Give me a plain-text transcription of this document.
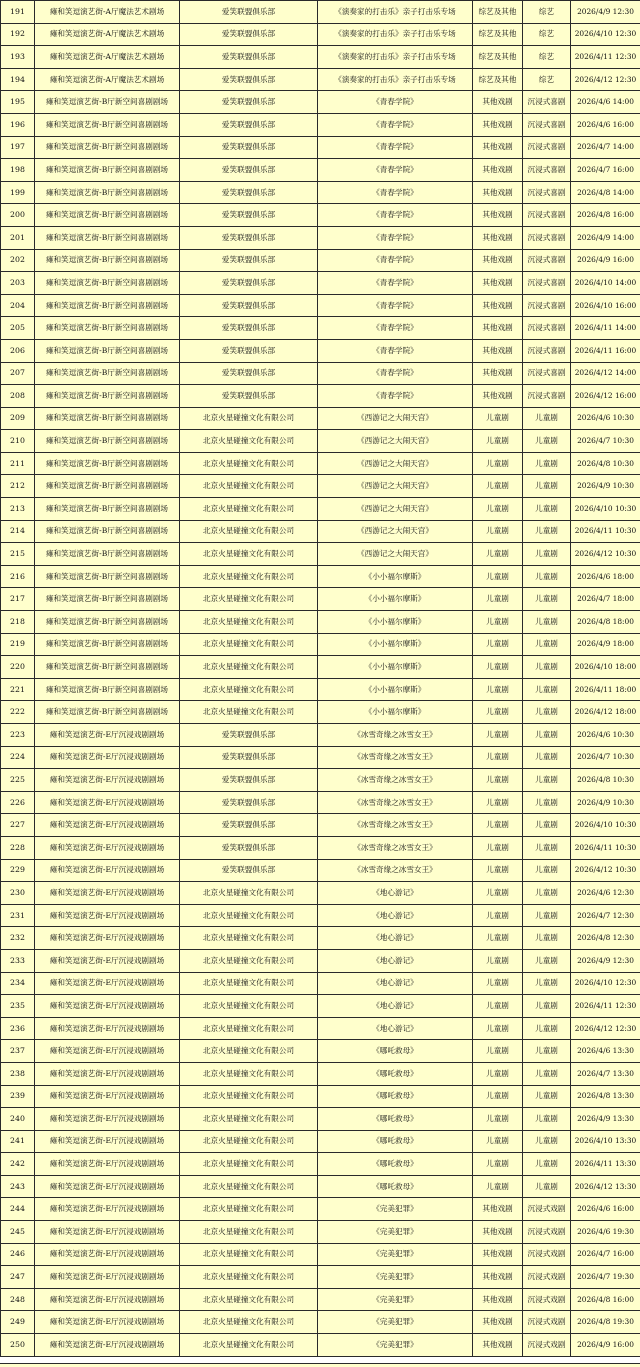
191	瘫和笑逗演艺街-A厅魔法艺术剧场	爱笑联盟俱乐部	《演奏家的打击乐》亲子打击乐专场	综艺及其他	综艺	2026/4/9 12:30
192	瘫和笑逗演艺街-A厅魔法艺术剧场	爱笑联盟俱乐部	《演奏家的打击乐》亲子打击乐专场	综艺及其他	综艺	2026/4/10 12:30
193	瘫和笑逗演艺街-A厅魔法艺术剧场	爱笑联盟俱乐部	《演奏家的打击乐》亲子打击乐专场	综艺及其他	综艺	2026/4/11 12:30
194	瘫和笑逗演艺街-A厅魔法艺术剧场	爱笑联盟俱乐部	《演奏家的打击乐》亲子打击乐专场	综艺及其他	综艺	2026/4/12 12:30
195	瘫和笑逗演艺街-B厅新空间喜剧剧场	爱笑联盟俱乐部	《青春学院》	其他戏剧	沉浸式喜剧	2026/4/6 14:00
196	瘫和笑逗演艺街-B厅新空间喜剧剧场	爱笑联盟俱乐部	《青春学院》	其他戏剧	沉浸式喜剧	2026/4/6 16:00
197	瘫和笑逗演艺街-B厅新空间喜剧剧场	爱笑联盟俱乐部	《青春学院》	其他戏剧	沉浸式喜剧	2026/4/7 14:00
198	瘫和笑逗演艺街-B厅新空间喜剧剧场	爱笑联盟俱乐部	《青春学院》	其他戏剧	沉浸式喜剧	2026/4/7 16:00
199	瘫和笑逗演艺街-B厅新空间喜剧剧场	爱笑联盟俱乐部	《青春学院》	其他戏剧	沉浸式喜剧	2026/4/8 14:00
200	瘫和笑逗演艺街-B厅新空间喜剧剧场	爱笑联盟俱乐部	《青春学院》	其他戏剧	沉浸式喜剧	2026/4/8 16:00
201	瘫和笑逗演艺街-B厅新空间喜剧剧场	爱笑联盟俱乐部	《青春学院》	其他戏剧	沉浸式喜剧	2026/4/9 14:00
202	瘫和笑逗演艺街-B厅新空间喜剧剧场	爱笑联盟俱乐部	《青春学院》	其他戏剧	沉浸式喜剧	2026/4/9 16:00
203	瘫和笑逗演艺街-B厅新空间喜剧剧场	爱笑联盟俱乐部	《青春学院》	其他戏剧	沉浸式喜剧	2026/4/10 14:00
204	瘫和笑逗演艺街-B厅新空间喜剧剧场	爱笑联盟俱乐部	《青春学院》	其他戏剧	沉浸式喜剧	2026/4/10 16:00
205	瘫和笑逗演艺街-B厅新空间喜剧剧场	爱笑联盟俱乐部	《青春学院》	其他戏剧	沉浸式喜剧	2026/4/11 14:00
206	瘫和笑逗演艺街-B厅新空间喜剧剧场	爱笑联盟俱乐部	《青春学院》	其他戏剧	沉浸式喜剧	2026/4/11 16:00
207	瘫和笑逗演艺街-B厅新空间喜剧剧场	爱笑联盟俱乐部	《青春学院》	其他戏剧	沉浸式喜剧	2026/4/12 14:00
208	瘫和笑逗演艺街-B厅新空间喜剧剧场	爱笑联盟俱乐部	《青春学院》	其他戏剧	沉浸式喜剧	2026/4/12 16:00
209	瘫和笑逗演艺街-B厅新空间喜剧剧场	北京火星碰撞文化有限公司	《西游记之大闹天宫》	儿童剧	儿童剧	2026/4/6 10:30
210	瘫和笑逗演艺街-B厅新空间喜剧剧场	北京火星碰撞文化有限公司	《西游记之大闹天宫》	儿童剧	儿童剧	2026/4/7 10:30
211	瘫和笑逗演艺街-B厅新空间喜剧剧场	北京火星碰撞文化有限公司	《西游记之大闹天宫》	儿童剧	儿童剧	2026/4/8 10:30
212	瘫和笑逗演艺街-B厅新空间喜剧剧场	北京火星碰撞文化有限公司	《西游记之大闹天宫》	儿童剧	儿童剧	2026/4/9 10:30
213	瘫和笑逗演艺街-B厅新空间喜剧剧场	北京火星碰撞文化有限公司	《西游记之大闹天宫》	儿童剧	儿童剧	2026/4/10 10:30
214	瘫和笑逗演艺街-B厅新空间喜剧剧场	北京火星碰撞文化有限公司	《西游记之大闹天宫》	儿童剧	儿童剧	2026/4/11 10:30
215	瘫和笑逗演艺街-B厅新空间喜剧剧场	北京火星碰撞文化有限公司	《西游记之大闹天宫》	儿童剧	儿童剧	2026/4/12 10:30
216	瘫和笑逗演艺街-B厅新空间喜剧剧场	北京火星碰撞文化有限公司	《小小福尔摩斯》	儿童剧	儿童剧	2026/4/6 18:00
217	瘫和笑逗演艺街-B厅新空间喜剧剧场	北京火星碰撞文化有限公司	《小小福尔摩斯》	儿童剧	儿童剧	2026/4/7 18:00
218	瘫和笑逗演艺街-B厅新空间喜剧剧场	北京火星碰撞文化有限公司	《小小福尔摩斯》	儿童剧	儿童剧	2026/4/8 18:00
219	瘫和笑逗演艺街-B厅新空间喜剧剧场	北京火星碰撞文化有限公司	《小小福尔摩斯》	儿童剧	儿童剧	2026/4/9 18:00
220	瘫和笑逗演艺街-B厅新空间喜剧剧场	北京火星碰撞文化有限公司	《小小福尔摩斯》	儿童剧	儿童剧	2026/4/10 18:00
221	瘫和笑逗演艺街-B厅新空间喜剧剧场	北京火星碰撞文化有限公司	《小小福尔摩斯》	儿童剧	儿童剧	2026/4/11 18:00
222	瘫和笑逗演艺街-B厅新空间喜剧剧场	北京火星碰撞文化有限公司	《小小福尔摩斯》	儿童剧	儿童剧	2026/4/12 18:00
223	瘫和笑逗演艺街-E厅沉浸戏剧剧场	爱笑联盟俱乐部	《冰雪奇缘之冰雪女王》	儿童剧	儿童剧	2026/4/6 10:30
224	瘫和笑逗演艺街-E厅沉浸戏剧剧场	爱笑联盟俱乐部	《冰雪奇缘之冰雪女王》	儿童剧	儿童剧	2026/4/7 10:30
225	瘫和笑逗演艺街-E厅沉浸戏剧剧场	爱笑联盟俱乐部	《冰雪奇缘之冰雪女王》	儿童剧	儿童剧	2026/4/8 10:30
226	瘫和笑逗演艺街-E厅沉浸戏剧剧场	爱笑联盟俱乐部	《冰雪奇缘之冰雪女王》	儿童剧	儿童剧	2026/4/9 10:30
227	瘫和笑逗演艺街-E厅沉浸戏剧剧场	爱笑联盟俱乐部	《冰雪奇缘之冰雪女王》	儿童剧	儿童剧	2026/4/10 10:30
228	瘫和笑逗演艺街-E厅沉浸戏剧剧场	爱笑联盟俱乐部	《冰雪奇缘之冰雪女王》	儿童剧	儿童剧	2026/4/11 10:30
229	瘫和笑逗演艺街-E厅沉浸戏剧剧场	爱笑联盟俱乐部	《冰雪奇缘之冰雪女王》	儿童剧	儿童剧	2026/4/12 10:30
230	瘫和笑逗演艺街-E厅沉浸戏剧剧场	北京火星碰撞文化有限公司	《地心游记》	儿童剧	儿童剧	2026/4/6 12:30
231	瘫和笑逗演艺街-E厅沉浸戏剧剧场	北京火星碰撞文化有限公司	《地心游记》	儿童剧	儿童剧	2026/4/7 12:30
232	瘫和笑逗演艺街-E厅沉浸戏剧剧场	北京火星碰撞文化有限公司	《地心游记》	儿童剧	儿童剧	2026/4/8 12:30
233	瘫和笑逗演艺街-E厅沉浸戏剧剧场	北京火星碰撞文化有限公司	《地心游记》	儿童剧	儿童剧	2026/4/9 12:30
234	瘫和笑逗演艺街-E厅沉浸戏剧剧场	北京火星碰撞文化有限公司	《地心游记》	儿童剧	儿童剧	2026/4/10 12:30
235	瘫和笑逗演艺街-E厅沉浸戏剧剧场	北京火星碰撞文化有限公司	《地心游记》	儿童剧	儿童剧	2026/4/11 12:30
236	瘫和笑逗演艺街-E厅沉浸戏剧剧场	北京火星碰撞文化有限公司	《地心游记》	儿童剧	儿童剧	2026/4/12 12:30
237	瘫和笑逗演艺街-E厅沉浸戏剧剧场	北京火星碰撞文化有限公司	《哪吒救母》	儿童剧	儿童剧	2026/4/6 13:30
238	瘫和笑逗演艺街-E厅沉浸戏剧剧场	北京火星碰撞文化有限公司	《哪吒救母》	儿童剧	儿童剧	2026/4/7 13:30
239	瘫和笑逗演艺街-E厅沉浸戏剧剧场	北京火星碰撞文化有限公司	《哪吒救母》	儿童剧	儿童剧	2026/4/8 13:30
240	瘫和笑逗演艺街-E厅沉浸戏剧剧场	北京火星碰撞文化有限公司	《哪吒救母》	儿童剧	儿童剧	2026/4/9 13:30
241	瘫和笑逗演艺街-E厅沉浸戏剧剧场	北京火星碰撞文化有限公司	《哪吒救母》	儿童剧	儿童剧	2026/4/10 13:30
242	瘫和笑逗演艺街-E厅沉浸戏剧剧场	北京火星碰撞文化有限公司	《哪吒救母》	儿童剧	儿童剧	2026/4/11 13:30
243	瘫和笑逗演艺街-E厅沉浸戏剧剧场	北京火星碰撞文化有限公司	《哪吒救母》	儿童剧	儿童剧	2026/4/12 13:30
244	瘫和笑逗演艺街-E厅沉浸戏剧剧场	北京火星碰撞文化有限公司	《完美犯罪》	其他戏剧	沉浸式戏剧	2026/4/6 16:00
245	瘫和笑逗演艺街-E厅沉浸戏剧剧场	北京火星碰撞文化有限公司	《完美犯罪》	其他戏剧	沉浸式戏剧	2026/4/6 19:30
246	瘫和笑逗演艺街-E厅沉浸戏剧剧场	北京火星碰撞文化有限公司	《完美犯罪》	其他戏剧	沉浸式戏剧	2026/4/7 16:00
247	瘫和笑逗演艺街-E厅沉浸戏剧剧场	北京火星碰撞文化有限公司	《完美犯罪》	其他戏剧	沉浸式戏剧	2026/4/7 19:30
248	瘫和笑逗演艺街-E厅沉浸戏剧剧场	北京火星碰撞文化有限公司	《完美犯罪》	其他戏剧	沉浸式戏剧	2026/4/8 16:00
249	瘫和笑逗演艺街-E厅沉浸戏剧剧场	北京火星碰撞文化有限公司	《完美犯罪》	其他戏剧	沉浸式戏剧	2026/4/8 19:30
250	瘫和笑逗演艺街-E厅沉浸戏剧剧场	北京火星碰撞文化有限公司	《完美犯罪》	其他戏剧	沉浸式戏剧	2026/4/9 16:00
